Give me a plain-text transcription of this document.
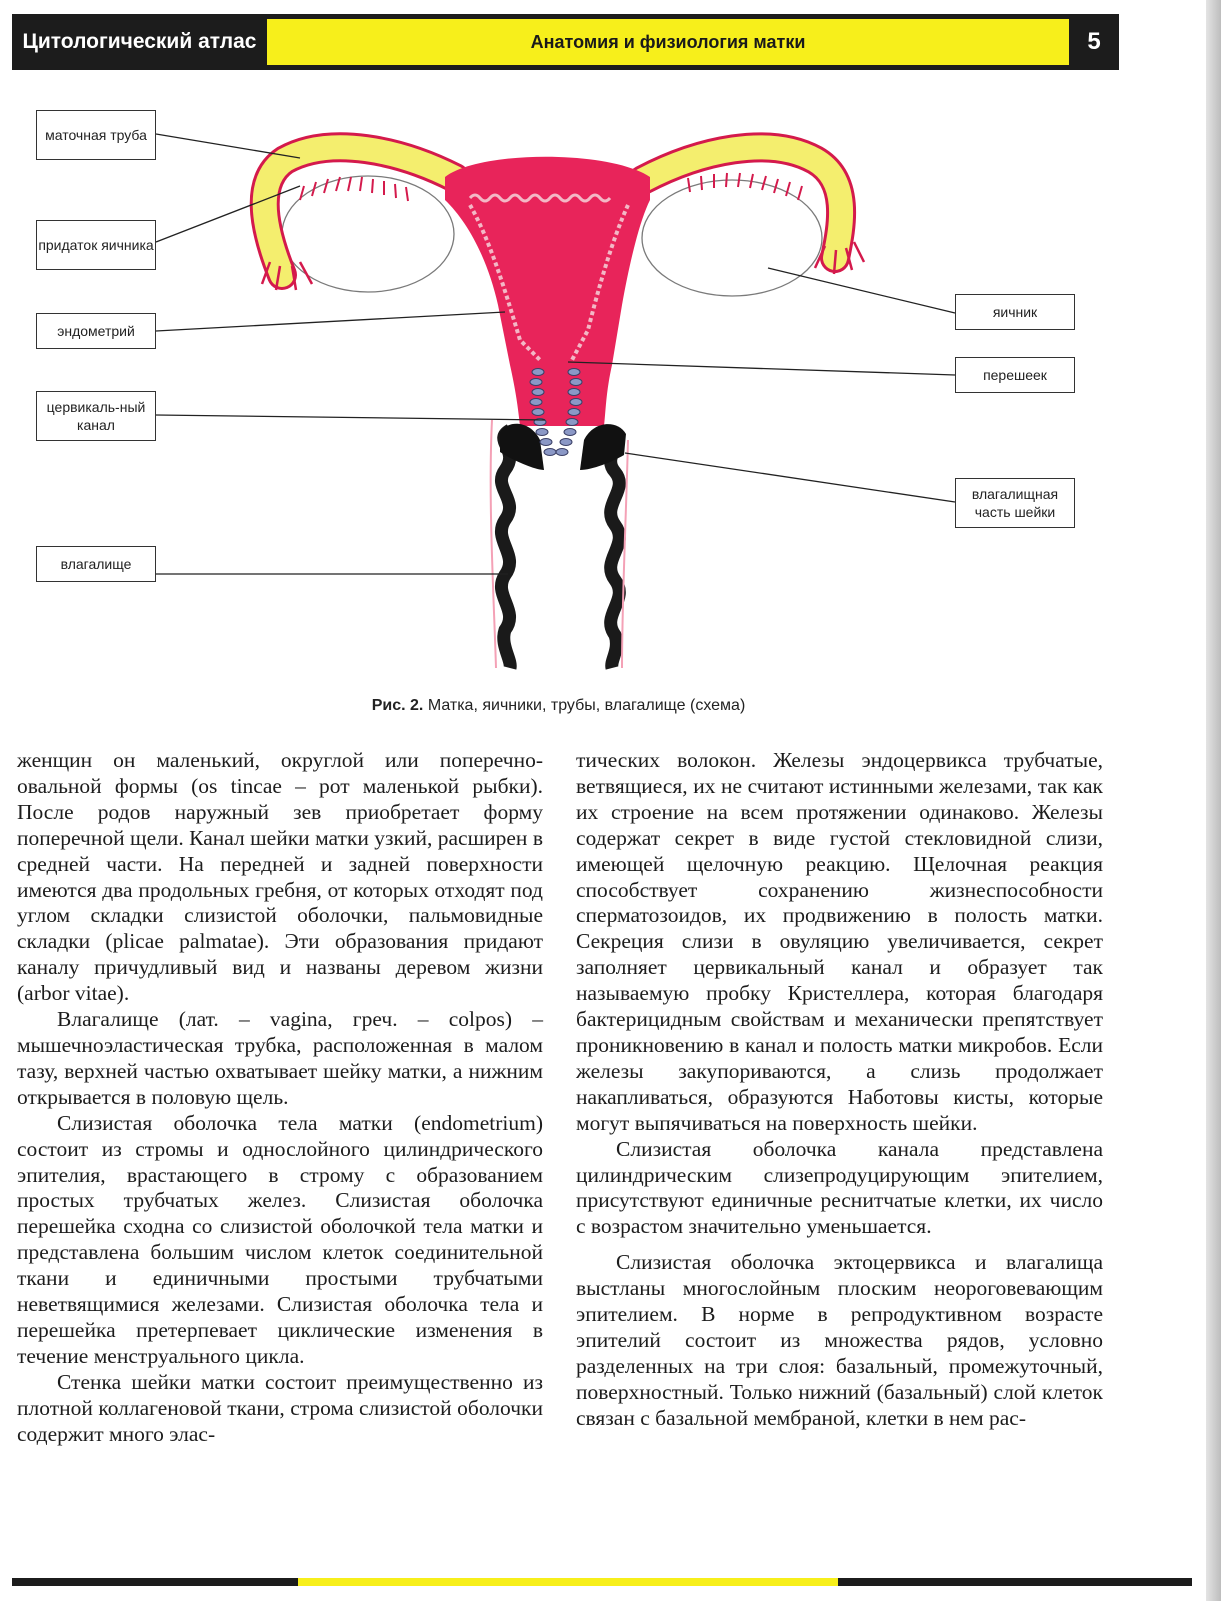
Цитологический атлас	Анатомия и физиология матки	5
маточная труба
придаток яичника
эндометрий
цервикаль-ный канал
влагалище
яичник
перешеек
влагалищная часть шейки
Рис. 2. Матка, яичники, трубы, влагалище (схема)

женщин он маленький, округлой или поперечно-овальной формы (os tincae – рот маленькой рыбки). После родов наружный зев приобретает форму поперечной щели. Канал шейки матки узкий, расширен в средней части. На передней и задней поверхности имеются два продольных гребня, от которых отходят под углом складки слизистой оболочки, пальмовидные складки (plicae palmatae). Эти образования придают каналу причудливый вид и названы деревом жизни (arbor vitae).

Влагалище (лат. – vagina, греч. – colpos) – мышечноэластическая трубка, расположенная в малом тазу, верхней частью охватывает шейку матки, а нижним открывается в половую щель.

Слизистая оболочка тела матки (endometrium) состоит из стромы и однослойного цилиндрического эпителия, врастающего в строму с образованием простых трубчатых желез. Слизистая оболочка перешейка сходна со слизистой оболочкой тела матки и представлена большим числом клеток соединительной ткани и единичными простыми трубчатыми неветвящимися железами. Слизистая оболочка тела и перешейка претерпевает циклические изменения в течение менструального цикла.

Стенка шейки матки состоит преимущественно из плотной коллагеновой ткани, строма слизистой оболочки содержит много элас-

тических волокон. Железы эндоцервикса трубчатые, ветвящиеся, их не считают истинными железами, так как их строение на всем протяжении одинаково. Железы содержат секрет в виде густой стекловидной слизи, имеющей щелочную реакцию. Щелочная реакция способствует сохранению жизнеспособности сперматозоидов, их продвижению в полость матки. Секреция слизи в овуляцию увеличивается, секрет заполняет цервикальный канал и образует так называемую пробку Кристеллера, которая благодаря бактерицидным свойствам и механически препятствует проникновению в канал и полость матки микробов. Если железы закупориваются, а слизь продолжает накапливаться, образуются Наботовы кисты, которые могут выпячиваться на поверхность шейки.

Слизистая оболочка канала представлена цилиндрическим слизепродуцирующим эпителием, присутствуют единичные реснитчатые клетки, их число с возрастом значительно уменьшается.

Слизистая оболочка эктоцервикса и влагалища выстланы многослойным плоским неороговевающим эпителием. В норме в репродуктивном возрасте эпителий состоит из множества рядов, условно разделенных на три слоя: базальный, промежуточный, поверхностный. Только нижний (базальный) слой клеток связан с базальной мембраной, клетки в нем рас-
